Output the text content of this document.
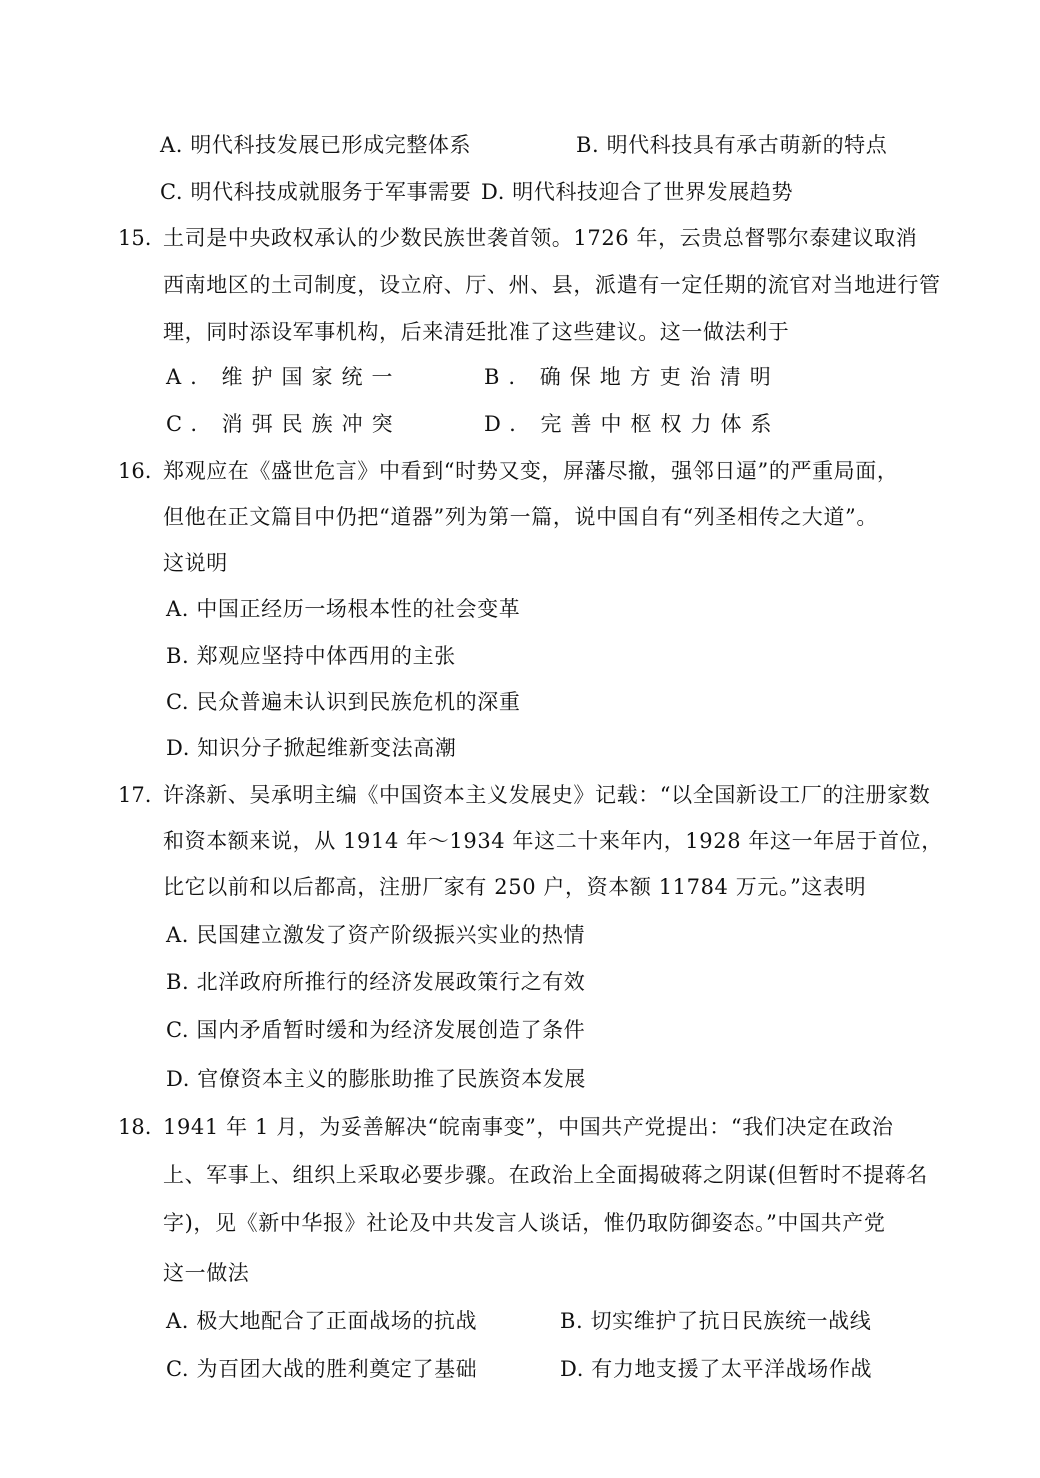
A. 明代科技发展已形成完整体系	B. 明代科技具有承古萌新的特点
C. 明代科技成就服务于军事需要 D. 明代科技迎合了世界发展趋势
15. 土司是中央政权承认的少数民族世袭首领。1726 年，云贵总督鄂尔泰建议取消
西南地区的土司制度，设立府、厅、州、县，派遣有一定任期的流官对当地进行管
理，同时添设军事机构，后来清廷批准了这些建议。这一做法利于
A. 维护国家统一	B. 确保地方吏治清明
C. 消弭民族冲突	D. 完善中枢权力体系
16. 郑观应在《盛世危言》中看到“时势又变，屏藩尽撤，强邻日逼”的严重局面，
但他在正文篇目中仍把“道器”列为第一篇，说中国自有“列圣相传之大道”。
这说明
A. 中国正经历一场根本性的社会变革
B. 郑观应坚持中体西用的主张
C. 民众普遍未认识到民族危机的深重
D. 知识分子掀起维新变法高潮
17. 许涤新、吴承明主编《中国资本主义发展史》记载：“以全国新设工厂的注册家数
和资本额来说，从 1914 年～1934 年这二十来年内，1928 年这一年居于首位，
比它以前和以后都高，注册厂家有 250 户，资本额 11784 万元。”这表明
A. 民国建立激发了资产阶级振兴实业的热情
B. 北洋政府所推行的经济发展政策行之有效
C. 国内矛盾暂时缓和为经济发展创造了条件
D. 官僚资本主义的膨胀助推了民族资本发展
18. 1941 年 1 月，为妥善解决“皖南事变”，中国共产党提出：“我们决定在政治
上、军事上、组织上采取必要步骤。在政治上全面揭破蒋之阴谋(但暂时不提蒋名
字)，见《新中华报》社论及中共发言人谈话，惟仍取防御姿态。”中国共产党
这一做法
A. 极大地配合了正面战场的抗战	B. 切实维护了抗日民族统一战线
C. 为百团大战的胜利奠定了基础	D. 有力地支援了太平洋战场作战
